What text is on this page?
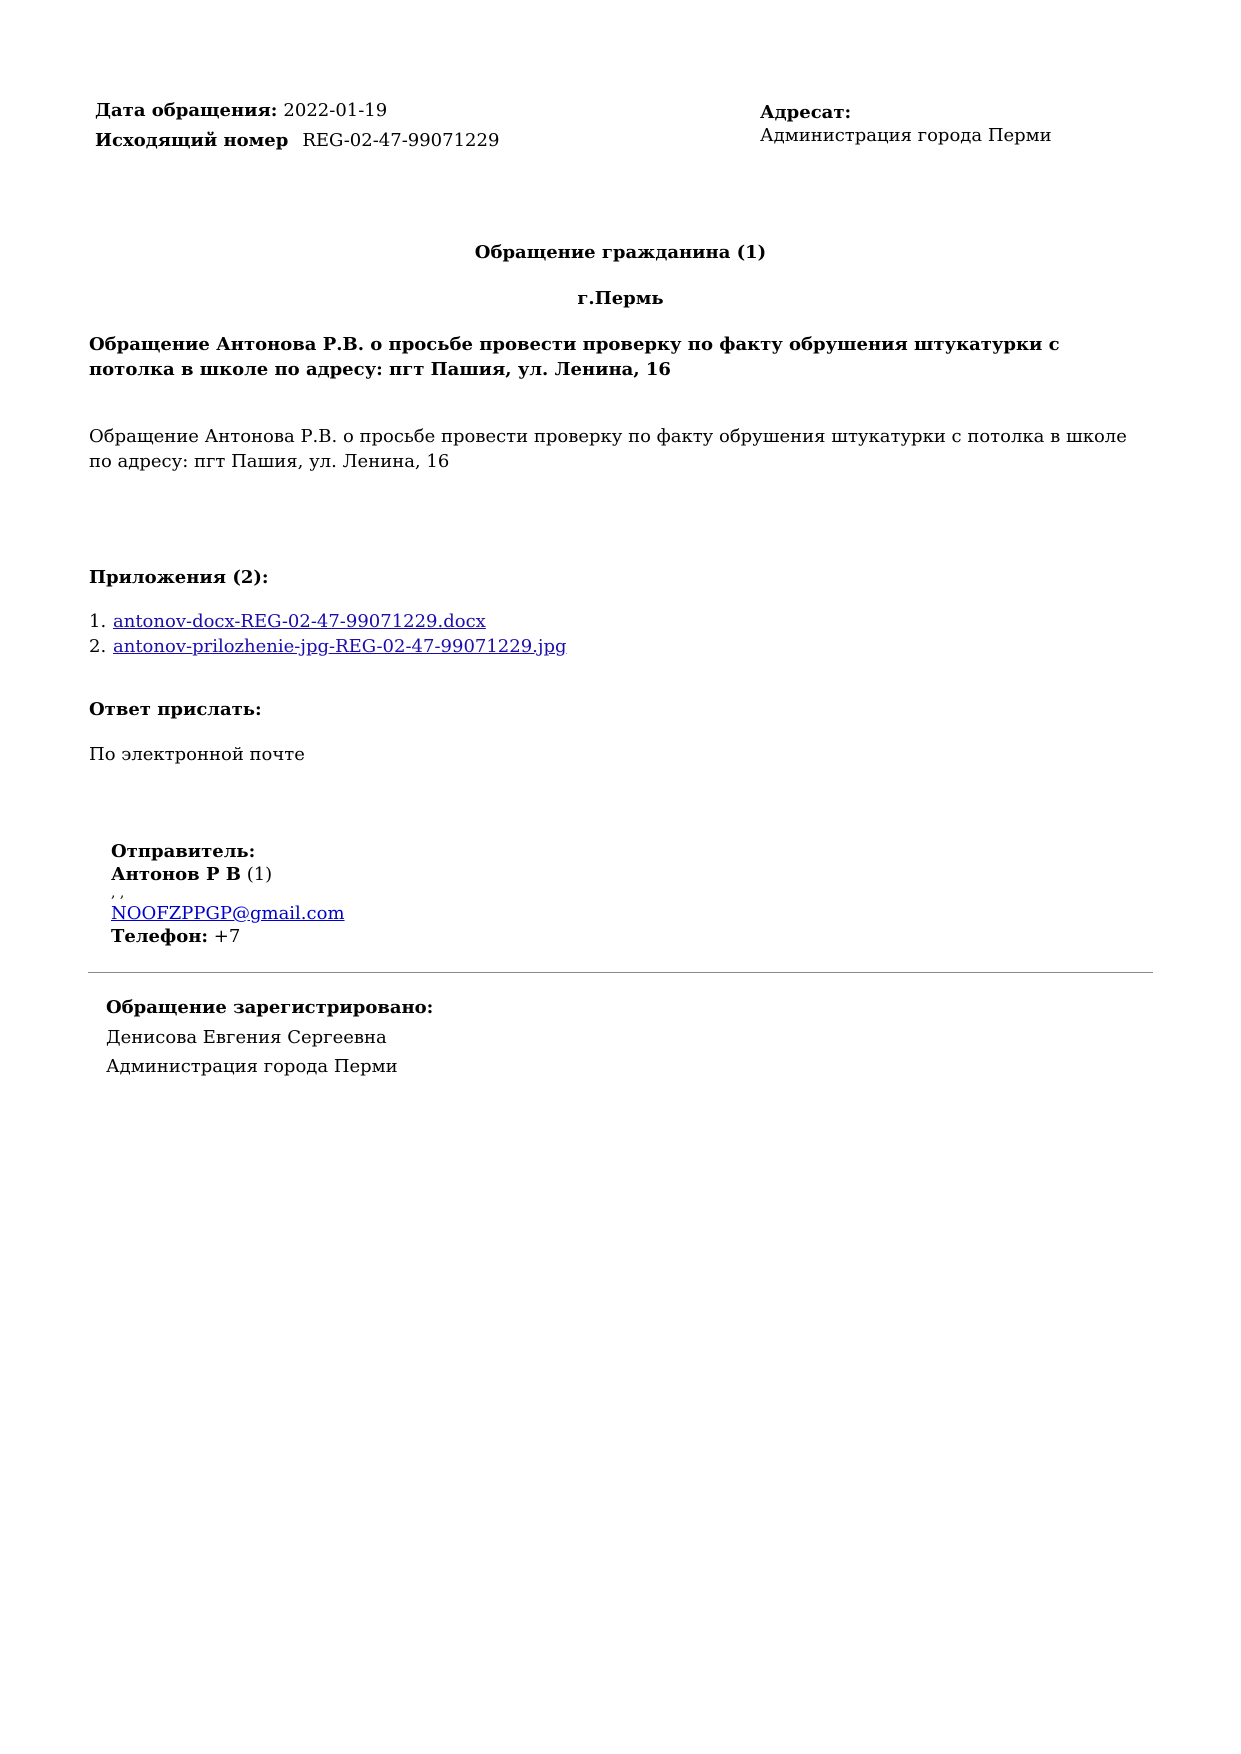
Дата обращения: 2022-01-19
Исходящий номер REG-02-47-99071229
Адресат:
Администрация города Перми
Обращение гражданина (1)
г.Пермь
Обращение Антонова Р.В. о просьбе провести проверку по факту обрушения штукатурки с потолка в школе по адресу: пгт Пашия, ул. Ленина, 16
Обращение Антонова Р.В. о просьбе провести проверку по факту обрушения штукатурки с потолка в школе по адресу: пгт Пашия, ул. Ленина, 16
Приложения (2):
1. antonov-docx-REG-02-47-99071229.docx
2. antonov-prilozhenie-jpg-REG-02-47-99071229.jpg
Ответ прислать:
По электронной почте
Отправитель:
Антонов Р В (1)
, ,
NOOFZPPGP@gmail.com
Телефон: +7
Обращение зарегистрировано:
Денисова Евгения Сергеевна
Администрация города Перми
